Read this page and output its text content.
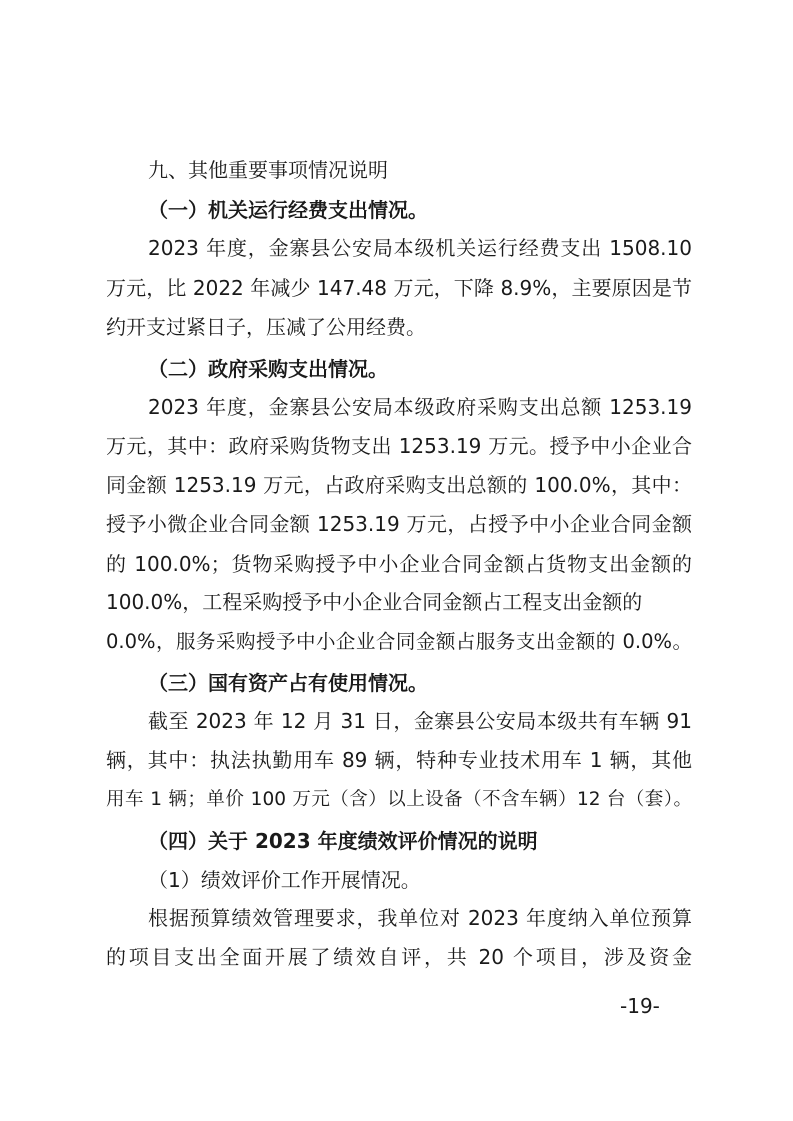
九、其他重要事项情况说明
（一）机关运行经费支出情况。
2023 年度，金寨县公安局本级机关运行经费支出 1508.10
万元，比 2022 年减少 147.48 万元，下降 8.9%，主要原因是节
约开支过紧日子，压减了公用经费。
（二）政府采购支出情况。
2023 年度，金寨县公安局本级政府采购支出总额 1253.19
万元，其中：政府采购货物支出 1253.19 万元。授予中小企业合
同金额 1253.19 万元，占政府采购支出总额的 100.0%，其中：
授予小微企业合同金额 1253.19 万元，占授予中小企业合同金额
的 100.0%；货物采购授予中小企业合同金额占货物支出金额的
100.0%，工程采购授予中小企业合同金额占工程支出金额的
0.0%，服务采购授予中小企业合同金额占服务支出金额的 0.0%。
（三）国有资产占有使用情况。
截至 2023 年 12 月 31 日，金寨县公安局本级共有车辆 91
辆，其中：执法执勤用车 89 辆，特种专业技术用车 1 辆，其他
用车 1 辆；单价 100 万元（含）以上设备（不含车辆）12 台（套）。
（四）关于 2023 年度绩效评价情况的说明
（1）绩效评价工作开展情况。
根据预算绩效管理要求，我单位对 2023 年度纳入单位预算
的项目支出全面开展了绩效自评，共 20 个项目，涉及资金
-19-
